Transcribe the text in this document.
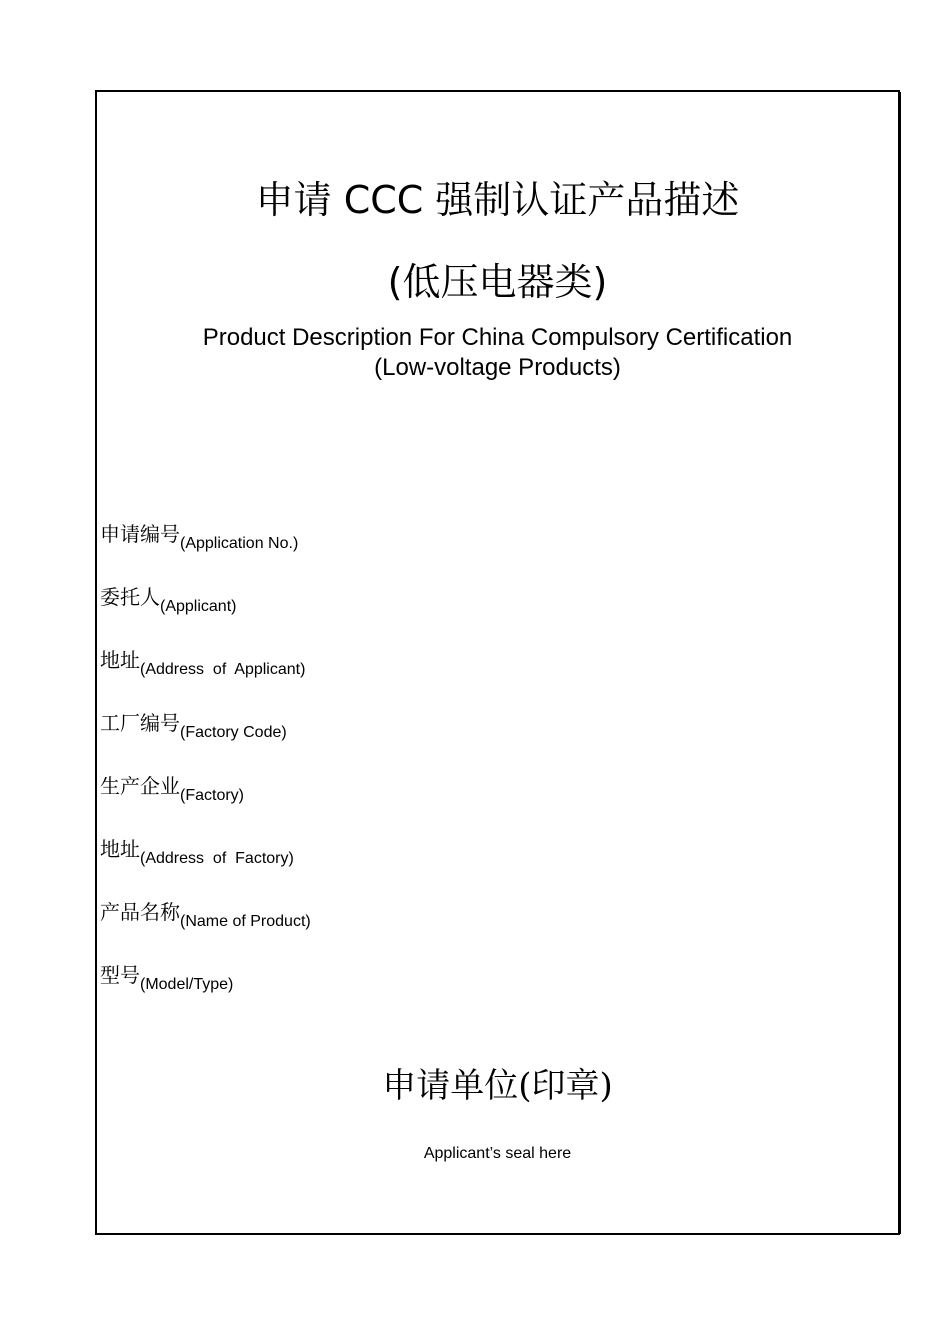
申请 CCC 强制认证产品描述
(低压电器类)
Product Description For China Compulsory Certification
(Low-voltage Products)
申请编号 (Application No.)
委托人 (Applicant)
地址 (Address  of  Applicant)
工厂编号 (Factory Code)
生产企业 (Factory)
地址 (Address  of  Factory)
产品名称 (Name of Product)
型号 (Model/Type)
申请单位(印章)
Applicant’s seal here
